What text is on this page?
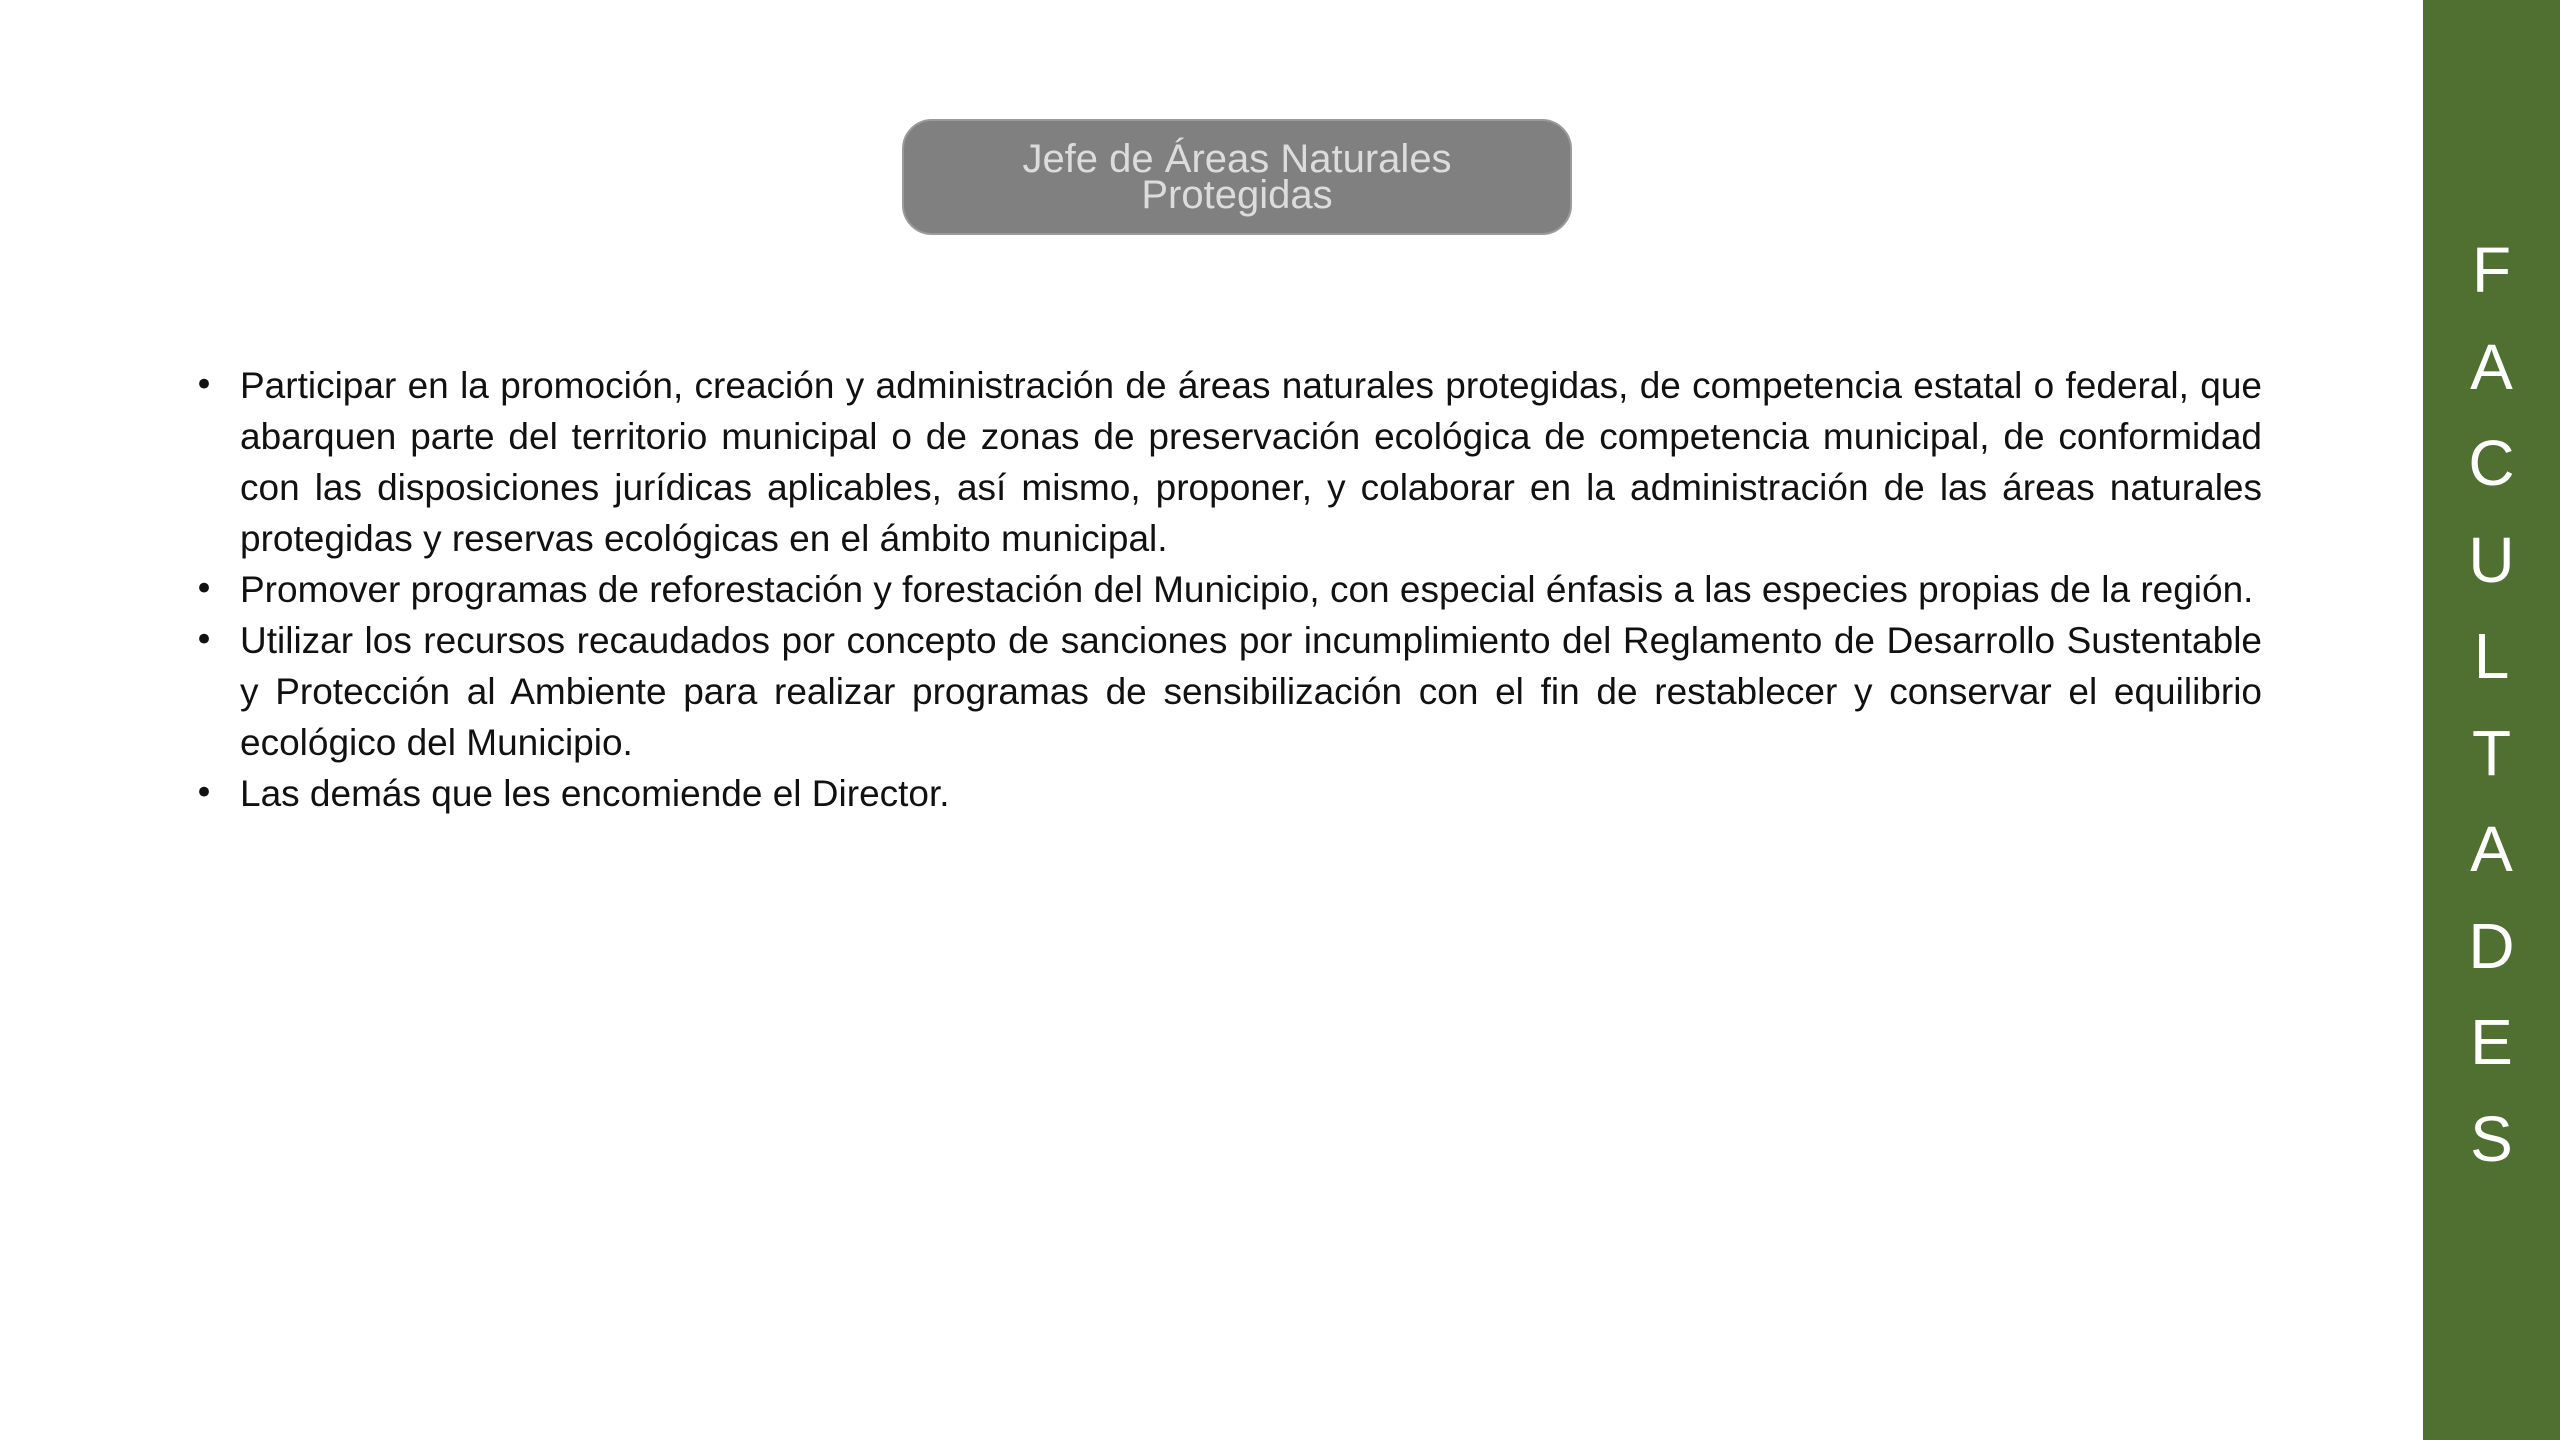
Jefe de Áreas Naturales
Protegidas

• Participar en la promoción, creación y administración de áreas naturales protegidas, de competencia estatal o federal, que abarquen parte del territorio municipal o de zonas de preservación ecológica de competencia municipal, de conformidad con las disposiciones jurídicas aplicables, así mismo, proponer, y colaborar en la administración de las áreas naturales protegidas y reservas ecológicas en el ámbito municipal.
• Promover programas de reforestación y forestación del Municipio, con especial énfasis a las especies propias de la región.
• Utilizar los recursos recaudados por concepto de sanciones por incumplimiento del Reglamento de Desarrollo Sustentable y Protección al Ambiente para realizar programas de sensibilización con el fin de restablecer y conservar el equilibrio ecológico del Municipio.
• Las demás que les encomiende el Director.
F
A
C
U
L
T
A
D
E
S
